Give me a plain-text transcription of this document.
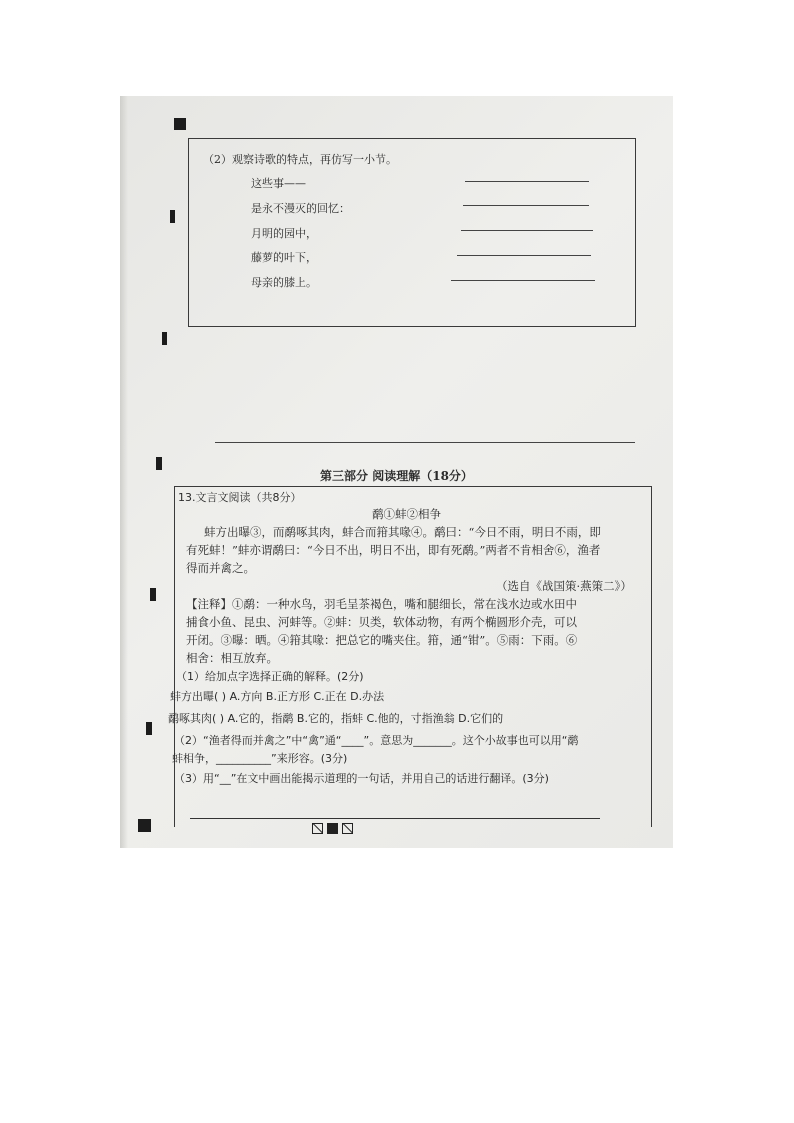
（2）观察诗歌的特点，再仿写一小节。
这些事——
是永不漫灭的回忆：
月明的园中，
藤萝的叶下，
母亲的膝上。
第三部分 阅读理解（18分）
13.文言文阅读（共8分）
鹬①蚌②相争
蚌方出曝③，而鹬啄其肉，蚌合而箝其喙④。鹬曰：“今日不雨，明日不雨，即
有死蚌！”蚌亦谓鹬曰：“今日不出，明日不出，即有死鹬。”两者不肯相舍⑥，渔者
得而并禽之。
（选自《战国策·燕策二》）
【注释】①鹬：一种水鸟，羽毛呈茶褐色，嘴和腿细长，常在浅水边或水田中
捕食小鱼、昆虫、河蚌等。②蚌：贝类，软体动物，有两个椭圆形介壳，可以
开闭。③曝：晒。④箝其喙：把总它的嘴夹住。箝，通“钳”。⑤雨：下雨。⑥
相舍：相互放弃。
（1）给加点字选择正确的解释。(2分)
蚌方出曝( ) A.方向 B.正方形 C.正在 D.办法
鹬啄其肉( ) A.它的，指鹬 B.它的，指蚌 C.他的，寸指渔翁 D.它们的
（2）“渔者得而并禽之”中“禽”通“____”。意思为_______。这个小故事也可以用“鹬
蚌相争，__________”来形容。(3分)
（3）用“__”在文中画出能揭示道理的一句话，并用自己的话进行翻译。(3分)
